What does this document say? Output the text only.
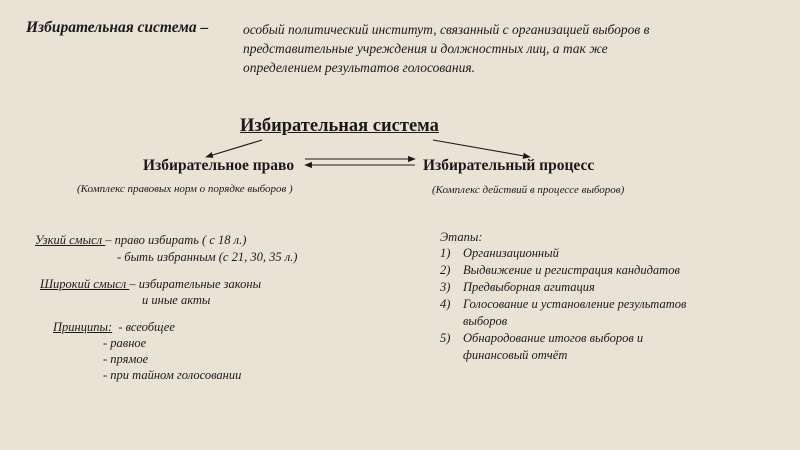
Избирательная система –	особый политический институт, связанный с организацией выборов в
представительные учреждения и должностных лиц, а так же
определением результатов голосования.
Избирательная система
Избирательное право	Избирательный процесс
(Комплекс правовых норм о порядке выборов )	(Комплекс действий в процессе выборов)
Узкий смысл – право избирать ( с 18 л.)
- быть избранным (с 21, 30, 35 л.)
Широкий смысл – избирательные законы
и иные акты
Принципы: - всеобщее
- равное
- прямое
- при тайном голосовании
Этапы:
1)	Организационный
2)	Выдвижение и регистрация кандидатов
3)	Предвыборная агитация
4)	Голосование и установление результатов выборов
5)	Обнародование итогов выборов и финансовый отчёт
